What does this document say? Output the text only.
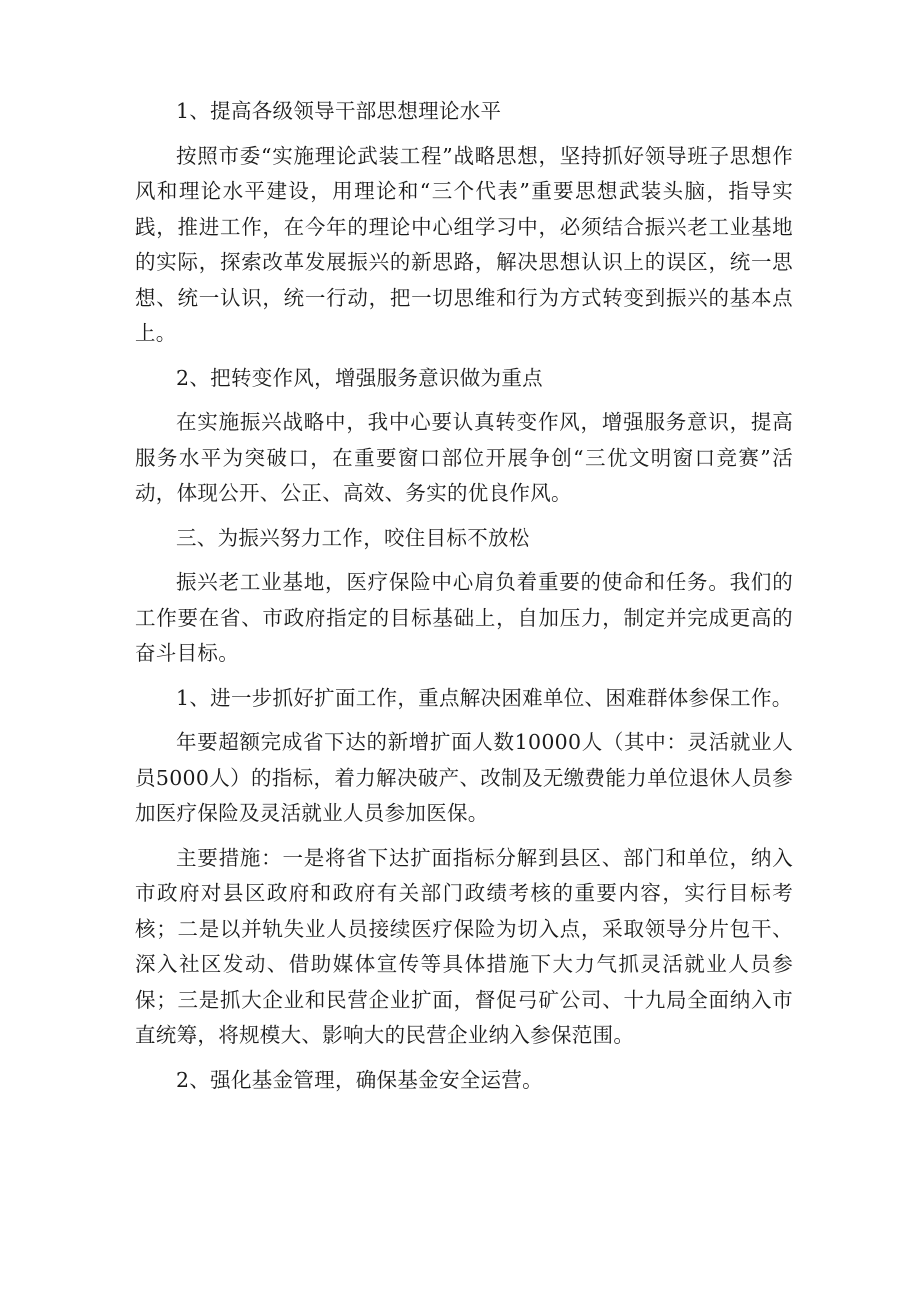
1、提高各级领导干部思想理论水平

按照市委“实施理论武装工程”战略思想，坚持抓好领导班子思想作风和理论水平建设，用理论和“三个代表”重要思想武装头脑，指导实践，推进工作，在今年的理论中心组学习中，必须结合振兴老工业基地的实际，探索改革发展振兴的新思路，解决思想认识上的误区，统一思想、统一认识，统一行动，把一切思维和行为方式转变到振兴的基本点上。

2、把转变作风，增强服务意识做为重点

在实施振兴战略中，我中心要认真转变作风，增强服务意识，提高服务水平为突破口，在重要窗口部位开展争创“三优文明窗口竞赛”活动，体现公开、公正、高效、务实的优良作风。

三、为振兴努力工作，咬住目标不放松

振兴老工业基地，医疗保险中心肩负着重要的使命和任务。我们的工作要在省、市政府指定的目标基础上，自加压力，制定并完成更高的奋斗目标。

1、进一步抓好扩面工作，重点解决困难单位、困难群体参保工作。

年要超额完成省下达的新增扩面人数10000人（其中：灵活就业人员5000人）的指标，着力解决破产、改制及无缴费能力单位退休人员参加医疗保险及灵活就业人员参加医保。

主要措施：一是将省下达扩面指标分解到县区、部门和单位，纳入市政府对县区政府和政府有关部门政绩考核的重要内容，实行目标考核；二是以并轨失业人员接续医疗保险为切入点，采取领导分片包干、深入社区发动、借助媒体宣传等具体措施下大力气抓灵活就业人员参保；三是抓大企业和民营企业扩面，督促弓矿公司、十九局全面纳入市直统筹，将规模大、影响大的民营企业纳入参保范围。

2、强化基金管理，确保基金安全运营。
